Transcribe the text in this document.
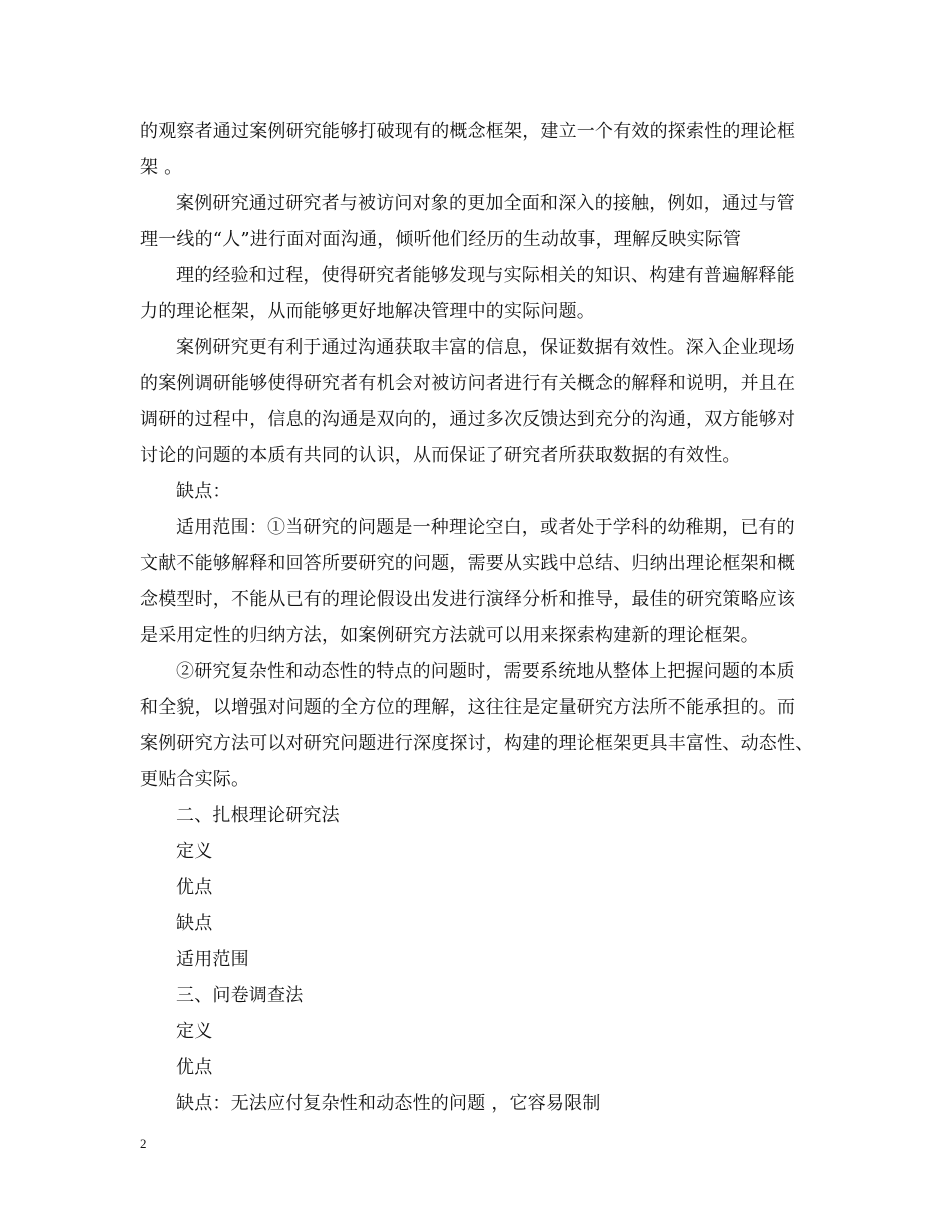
的观察者通过案例研究能够打破现有的概念框架，建立一个有效的探索性的理论框
架 。
案例研究通过研究者与被访问对象的更加全面和深入的接触，例如，通过与管
理一线的“人”进行面对面沟通，倾听他们经历的生动故事，理解反映实际管
理的经验和过程，使得研究者能够发现与实际相关的知识、构建有普遍解释能
力的理论框架，从而能够更好地解决管理中的实际问题。
案例研究更有利于通过沟通获取丰富的信息，保证数据有效性。深入企业现场
的案例调研能够使得研究者有机会对被访问者进行有关概念的解释和说明，并且在
调研的过程中，信息的沟通是双向的，通过多次反馈达到充分的沟通，双方能够对
讨论的问题的本质有共同的认识，从而保证了研究者所获取数据的有效性。
缺点：
适用范围：①当研究的问题是一种理论空白，或者处于学科的幼稚期，已有的
文献不能够解释和回答所要研究的问题，需要从实践中总结、归纳出理论框架和概
念模型时，不能从已有的理论假设出发进行演绎分析和推导，最佳的研究策略应该
是采用定性的归纳方法，如案例研究方法就可以用来探索构建新的理论框架。
②研究复杂性和动态性的特点的问题时，需要系统地从整体上把握问题的本质
和全貌，以增强对问题的全方位的理解，这往往是定量研究方法所不能承担的。而
案例研究方法可以对研究问题进行深度探讨，构建的理论框架更具丰富性、动态性、
更贴合实际。
二、扎根理论研究法
定义
优点
缺点
适用范围
三、问卷调查法
定义
优点
缺点：无法应付复杂性和动态性的问题 ，它容易限制
2
